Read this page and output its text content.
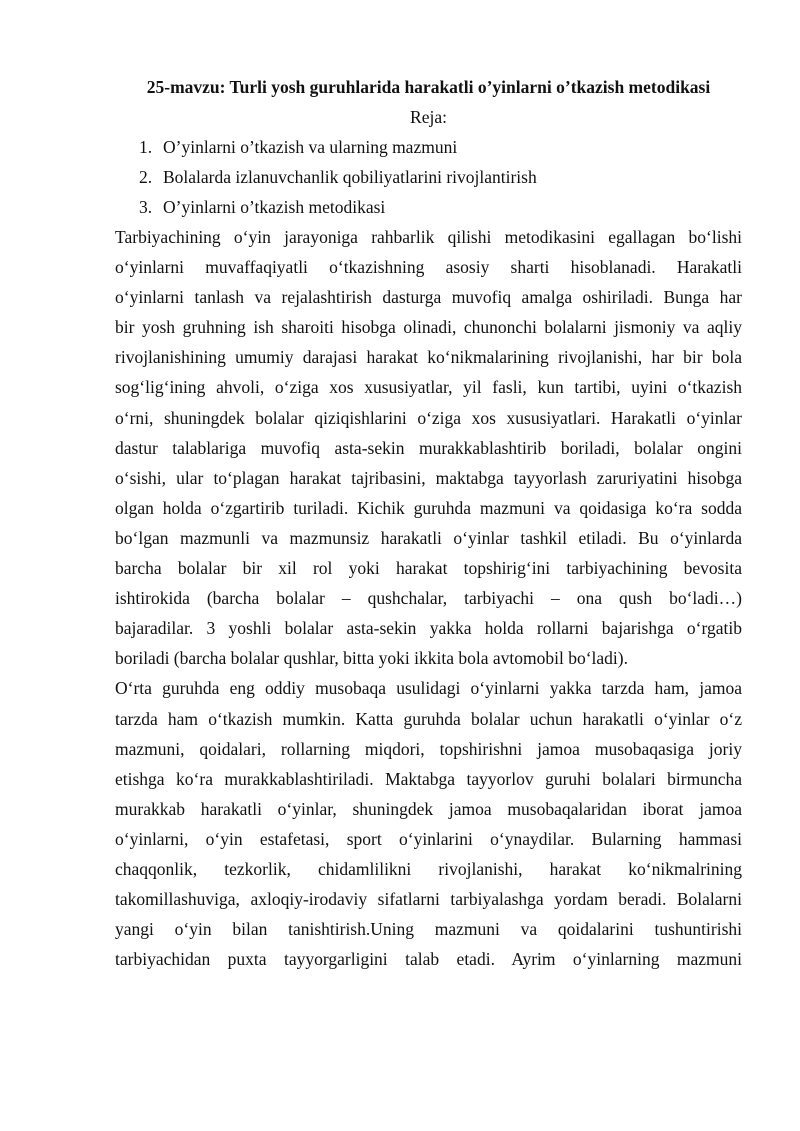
25-mavzu: Turli yosh guruhlarida harakatli o’yinlarni o’tkazish metodikasi

Reja:

1. O’yinlarni o’tkazish va ularning mazmuni
2. Bolalarda izlanuvchanlik qobiliyatlarini rivojlantirish
3. O’yinlarni o’tkazish metodikasi
Tarbiyachining o‘yin jarayoniga rahbarlik qilishi metodikasini egallagan bo‘lishi
o‘yinlarni muvaffaqiyatli o‘tkazishning asosiy sharti hisoblanadi. Harakatli
o‘yinlarni tanlash va rejalashtirish dasturga muvofiq amalga oshiriladi. Bunga har
bir yosh gruhning ish sharoiti hisobga olinadi, chunonchi bolalarni jismoniy va aqliy
rivojlanishining umumiy darajasi harakat ko‘nikmalarining rivojlanishi, har bir bola
sog‘lig‘ining ahvoli, o‘ziga xos xususiyatlar, yil fasli, kun tartibi, uyini o‘tkazish
o‘rni, shuningdek bolalar qiziqishlarini o‘ziga xos xususiyatlari. Harakatli o‘yinlar
dastur talablariga muvofiq asta-sekin murakkablashtirib boriladi, bolalar ongini
o‘sishi, ular to‘plagan harakat tajribasini, maktabga tayyorlash zaruriyatini hisobga
olgan holda o‘zgartirib turiladi. Kichik guruhda mazmuni va qoidasiga ko‘ra sodda
bo‘lgan mazmunli va mazmunsiz harakatli o‘yinlar tashkil etiladi. Bu o‘yinlarda
barcha bolalar bir xil rol yoki harakat topshirig‘ini tarbiyachining bevosita
ishtirokida (barcha bolalar – qushchalar, tarbiyachi – ona qush bo‘ladi…)
bajaradilar. 3 yoshli bolalar asta-sekin yakka holda rollarni bajarishga o‘rgatib
boriladi (barcha bolalar qushlar, bitta yoki ikkita bola avtomobil bo‘ladi).
O‘rta guruhda eng oddiy musobaqa usulidagi o‘yinlarni yakka tarzda ham, jamoa
tarzda ham o‘tkazish mumkin. Katta guruhda bolalar uchun harakatli o‘yinlar o‘z
mazmuni, qoidalari, rollarning miqdori, topshirishni jamoa musobaqasiga joriy
etishga ko‘ra murakkablashtiriladi. Maktabga tayyorlov guruhi bolalari birmuncha
murakkab harakatli o‘yinlar, shuningdek jamoa musobaqalaridan iborat jamoa
o‘yinlarni, o‘yin estafetasi, sport o‘yinlarini o‘ynaydilar. Bularning hammasi
chaqqonlik, tezkorlik, chidamlilikni rivojlanishi, harakat ko‘nikmalrining
takomillashuviga, axloqiy-irodaviy sifatlarni tarbiyalashga yordam beradi. Bolalarni
yangi o‘yin bilan tanishtirish.Uning mazmuni va qoidalarini tushuntirishi
tarbiyachidan puxta tayyorgarligini talab etadi. Ayrim o‘yinlarning mazmuni
